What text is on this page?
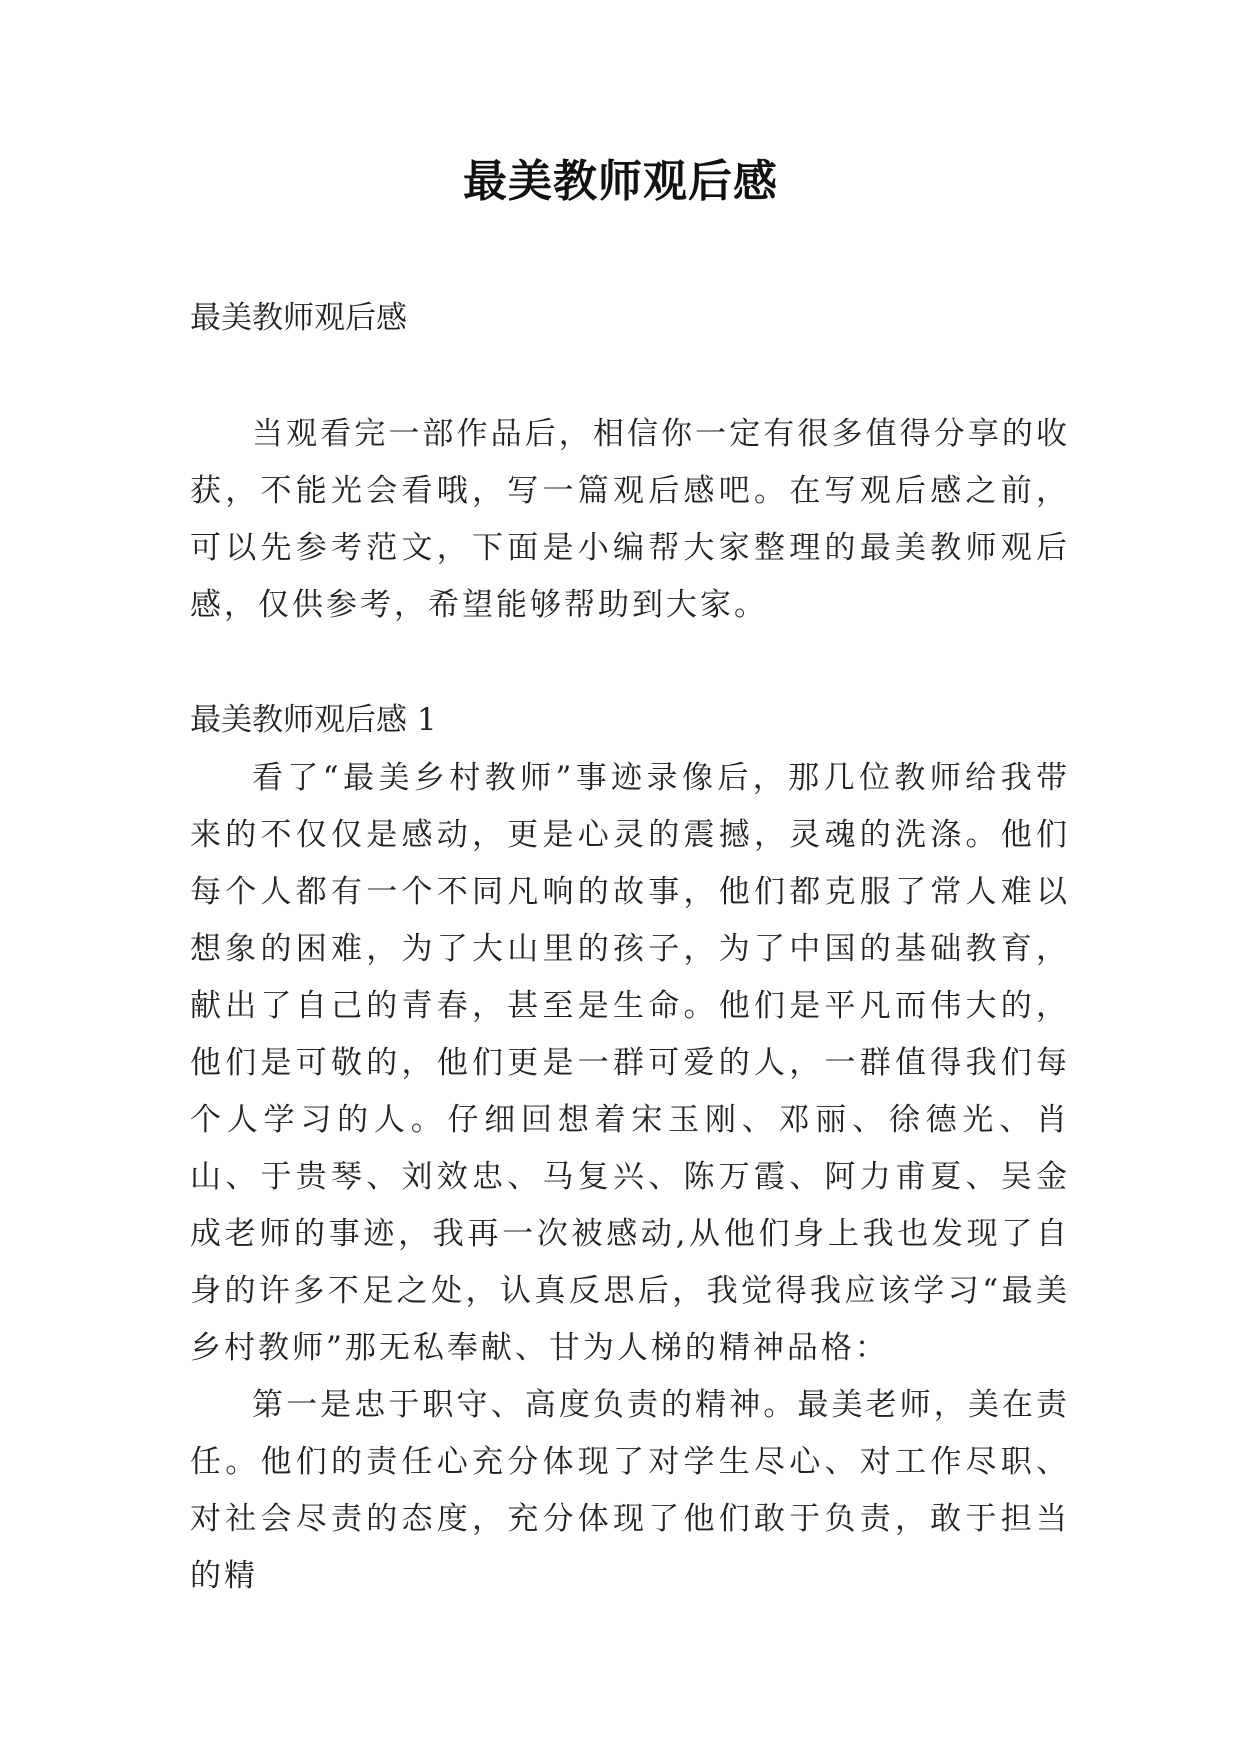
最美教师观后感
最美教师观后感

当观看完一部作品后，相信你一定有很多值得分享的收获，不能光会看哦，写一篇观后感吧。在写观后感之前，可以先参考范文，下面是小编帮大家整理的最美教师观后感，仅供参考，希望能够帮助到大家。

最美教师观后感 1

看了“最美乡村教师”事迹录像后，那几位教师给我带来的不仅仅是感动，更是心灵的震撼，灵魂的洗涤。他们每个人都有一个不同凡响的故事，他们都克服了常人难以想象的困难，为了大山里的孩子，为了中国的基础教育，献出了自己的青春，甚至是生命。他们是平凡而伟大的，他们是可敬的，他们更是一群可爱的人，一群值得我们每个人学习的人。仔细回想着宋玉刚、邓丽、徐德光、肖山、于贵琴、刘效忠、马复兴、陈万霞、阿力甫夏、吴金成老师的事迹，我再一次被感动,从他们身上我也发现了自身的许多不足之处，认真反思后，我觉得我应该学习“最美乡村教师”那无私奉献、甘为人梯的精神品格：

第一是忠于职守、高度负责的精神。最美老师，美在责任。他们的责任心充分体现了对学生尽心、对工作尽职、对社会尽责的态度，充分体现了他们敢于负责，敢于担当的精
